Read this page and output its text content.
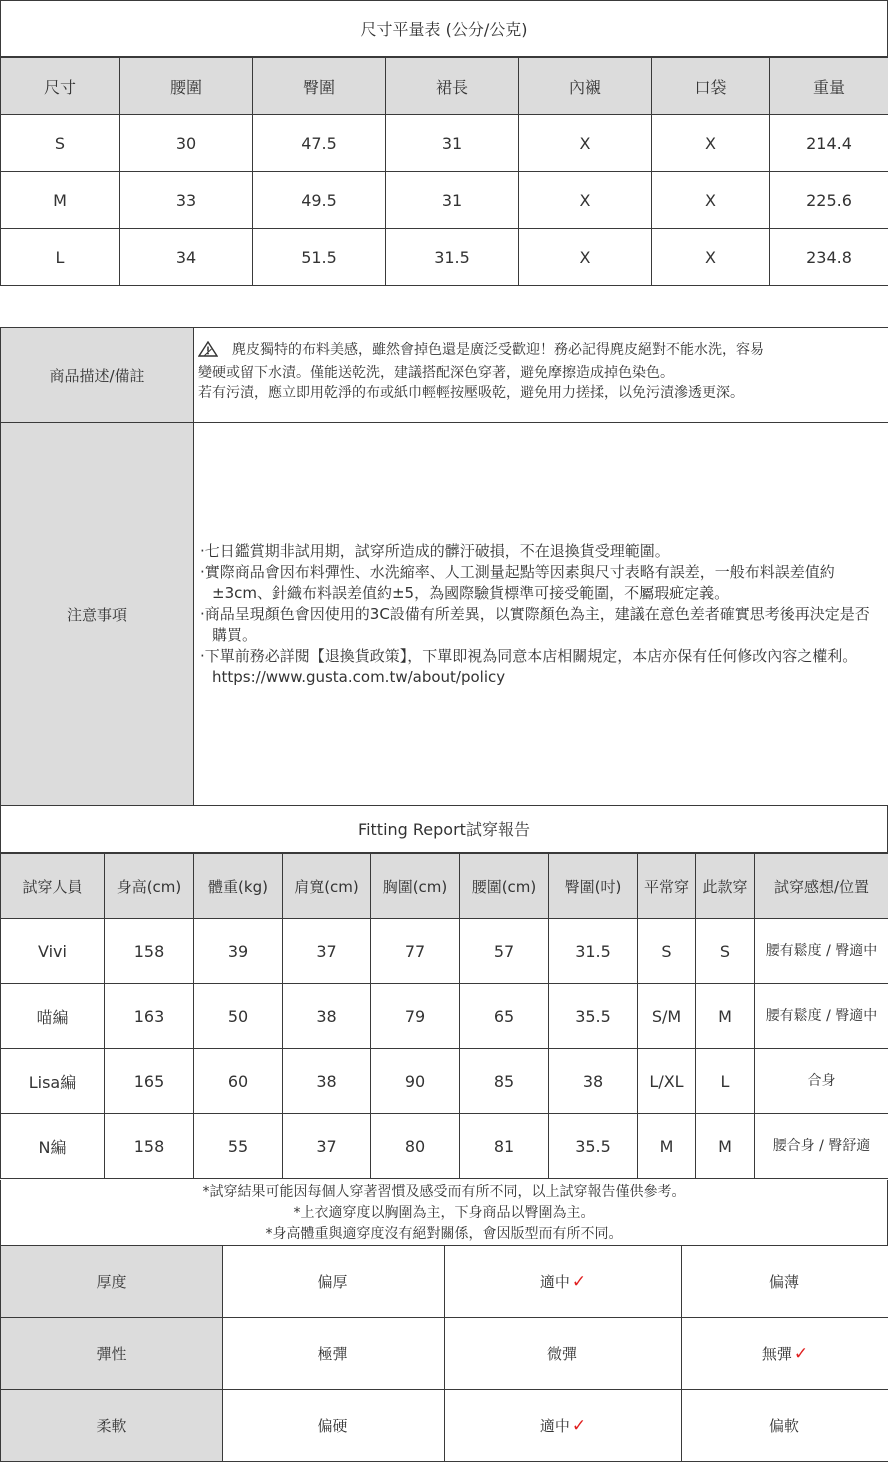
尺寸平量表 (公分/公克)
尺寸	腰圍	臀圍	裙長	內襯	口袋	重量
S	30	47.5	31	X	X	214.4
M	33	49.5	31	X	X	225.6
L	34	51.5	31.5	X	X	234.8
商品描述/備註	麂皮獨特的布料美感，雖然會掉色還是廣泛受歡迎！務必記得麂皮絕對不能水洗，容易
變硬或留下水漬。僅能送乾洗，建議搭配深色穿著，避免摩擦造成掉色染色。
若有污漬，應立即用乾淨的布或紙巾輕輕按壓吸乾，避免用力搓揉，以免污漬滲透更深。

注意事項	·七日鑑賞期非試用期，試穿所造成的髒汙破損，不在退換貨受理範圍。
·實際商品會因布料彈性、水洗縮率、人工測量起點等因素與尺寸表略有誤差，一般布料誤差值約±3cm、針織布料誤差值約±5，為國際驗貨標準可接受範圍，不屬瑕疵定義。
·商品呈現顏色會因使用的3C設備有所差異，以實際顏色為主，建議在意色差者確實思考後再決定是否購買。
·下單前務必詳閱【退換貨政策】，下單即視為同意本店相關規定，本店亦保有任何修改內容之權利。https://www.gusta.com.tw/about/policy
Fitting Report試穿報告
試穿人員	身高(cm)	體重(kg)	肩寬(cm)	胸圍(cm)	腰圍(cm)	臀圍(吋)	平常穿	此款穿	試穿感想/位置
Vivi	158	39	37	77	57	31.5	S	S	腰有鬆度 / 臀適中
喵編	163	50	38	79	65	35.5	S/M	M	腰有鬆度 / 臀適中
Lisa編	165	60	38	90	85	38	L/XL	L	合身
N編	158	55	37	80	81	35.5	M	M	腰合身 / 臀舒適
*試穿結果可能因每個人穿著習慣及感受而有所不同，以上試穿報告僅供參考。
*上衣適穿度以胸圍為主，下身商品以臀圍為主。
*身高體重與適穿度沒有絕對關係，會因版型而有所不同。
厚度	偏厚	適中 ✓	偏薄
彈性	極彈	微彈	無彈 ✓
柔軟	偏硬	適中 ✓	偏軟
